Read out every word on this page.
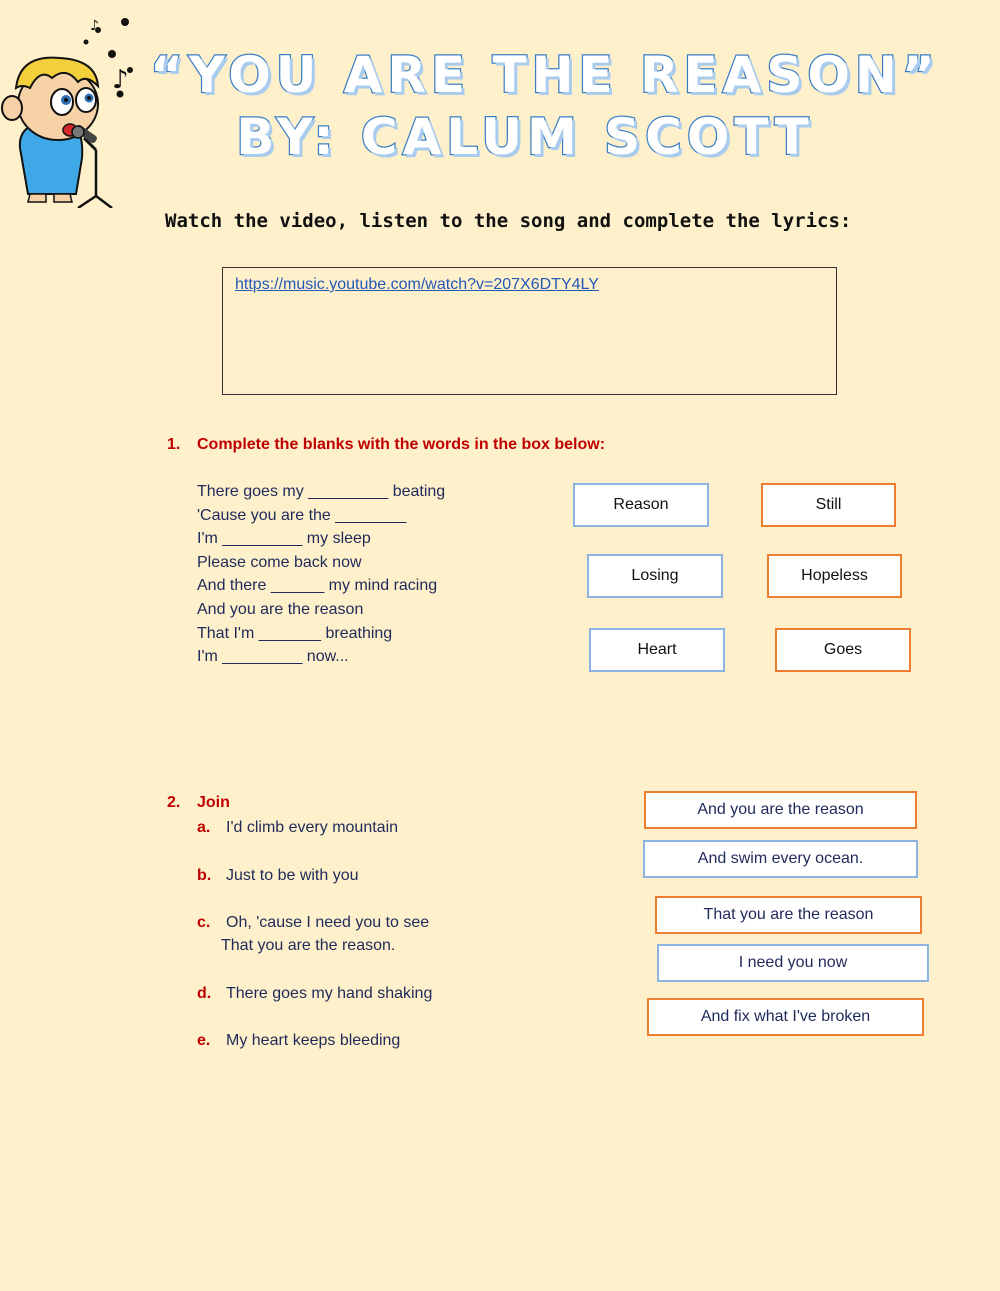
♪
♪
“YOU ARE THE REASON”
BY: CALUM SCOTT
Watch the video, listen to the song and complete the lyrics:
https://music.youtube.com/watch?v=207X6DTY4LY
1. Complete the blanks with the words in the box below:
There goes my _________ beating
'Cause you are the ________
I'm _________ my sleep
Please come back now
And there ______ my mind racing
And you are the reason
That I'm _______ breathing
I'm _________ now...
Reason	Still
Losing	Hopeless
Heart	Goes
2. Join
a. I'd climb every mountain
b. Just to be with you
c. Oh, 'cause I need you to see
That you are the reason.
d. There goes my hand shaking
e. My heart keeps bleeding
And you are the reason
And swim every ocean.
That you are the reason
I need you now
And fix what I've broken
